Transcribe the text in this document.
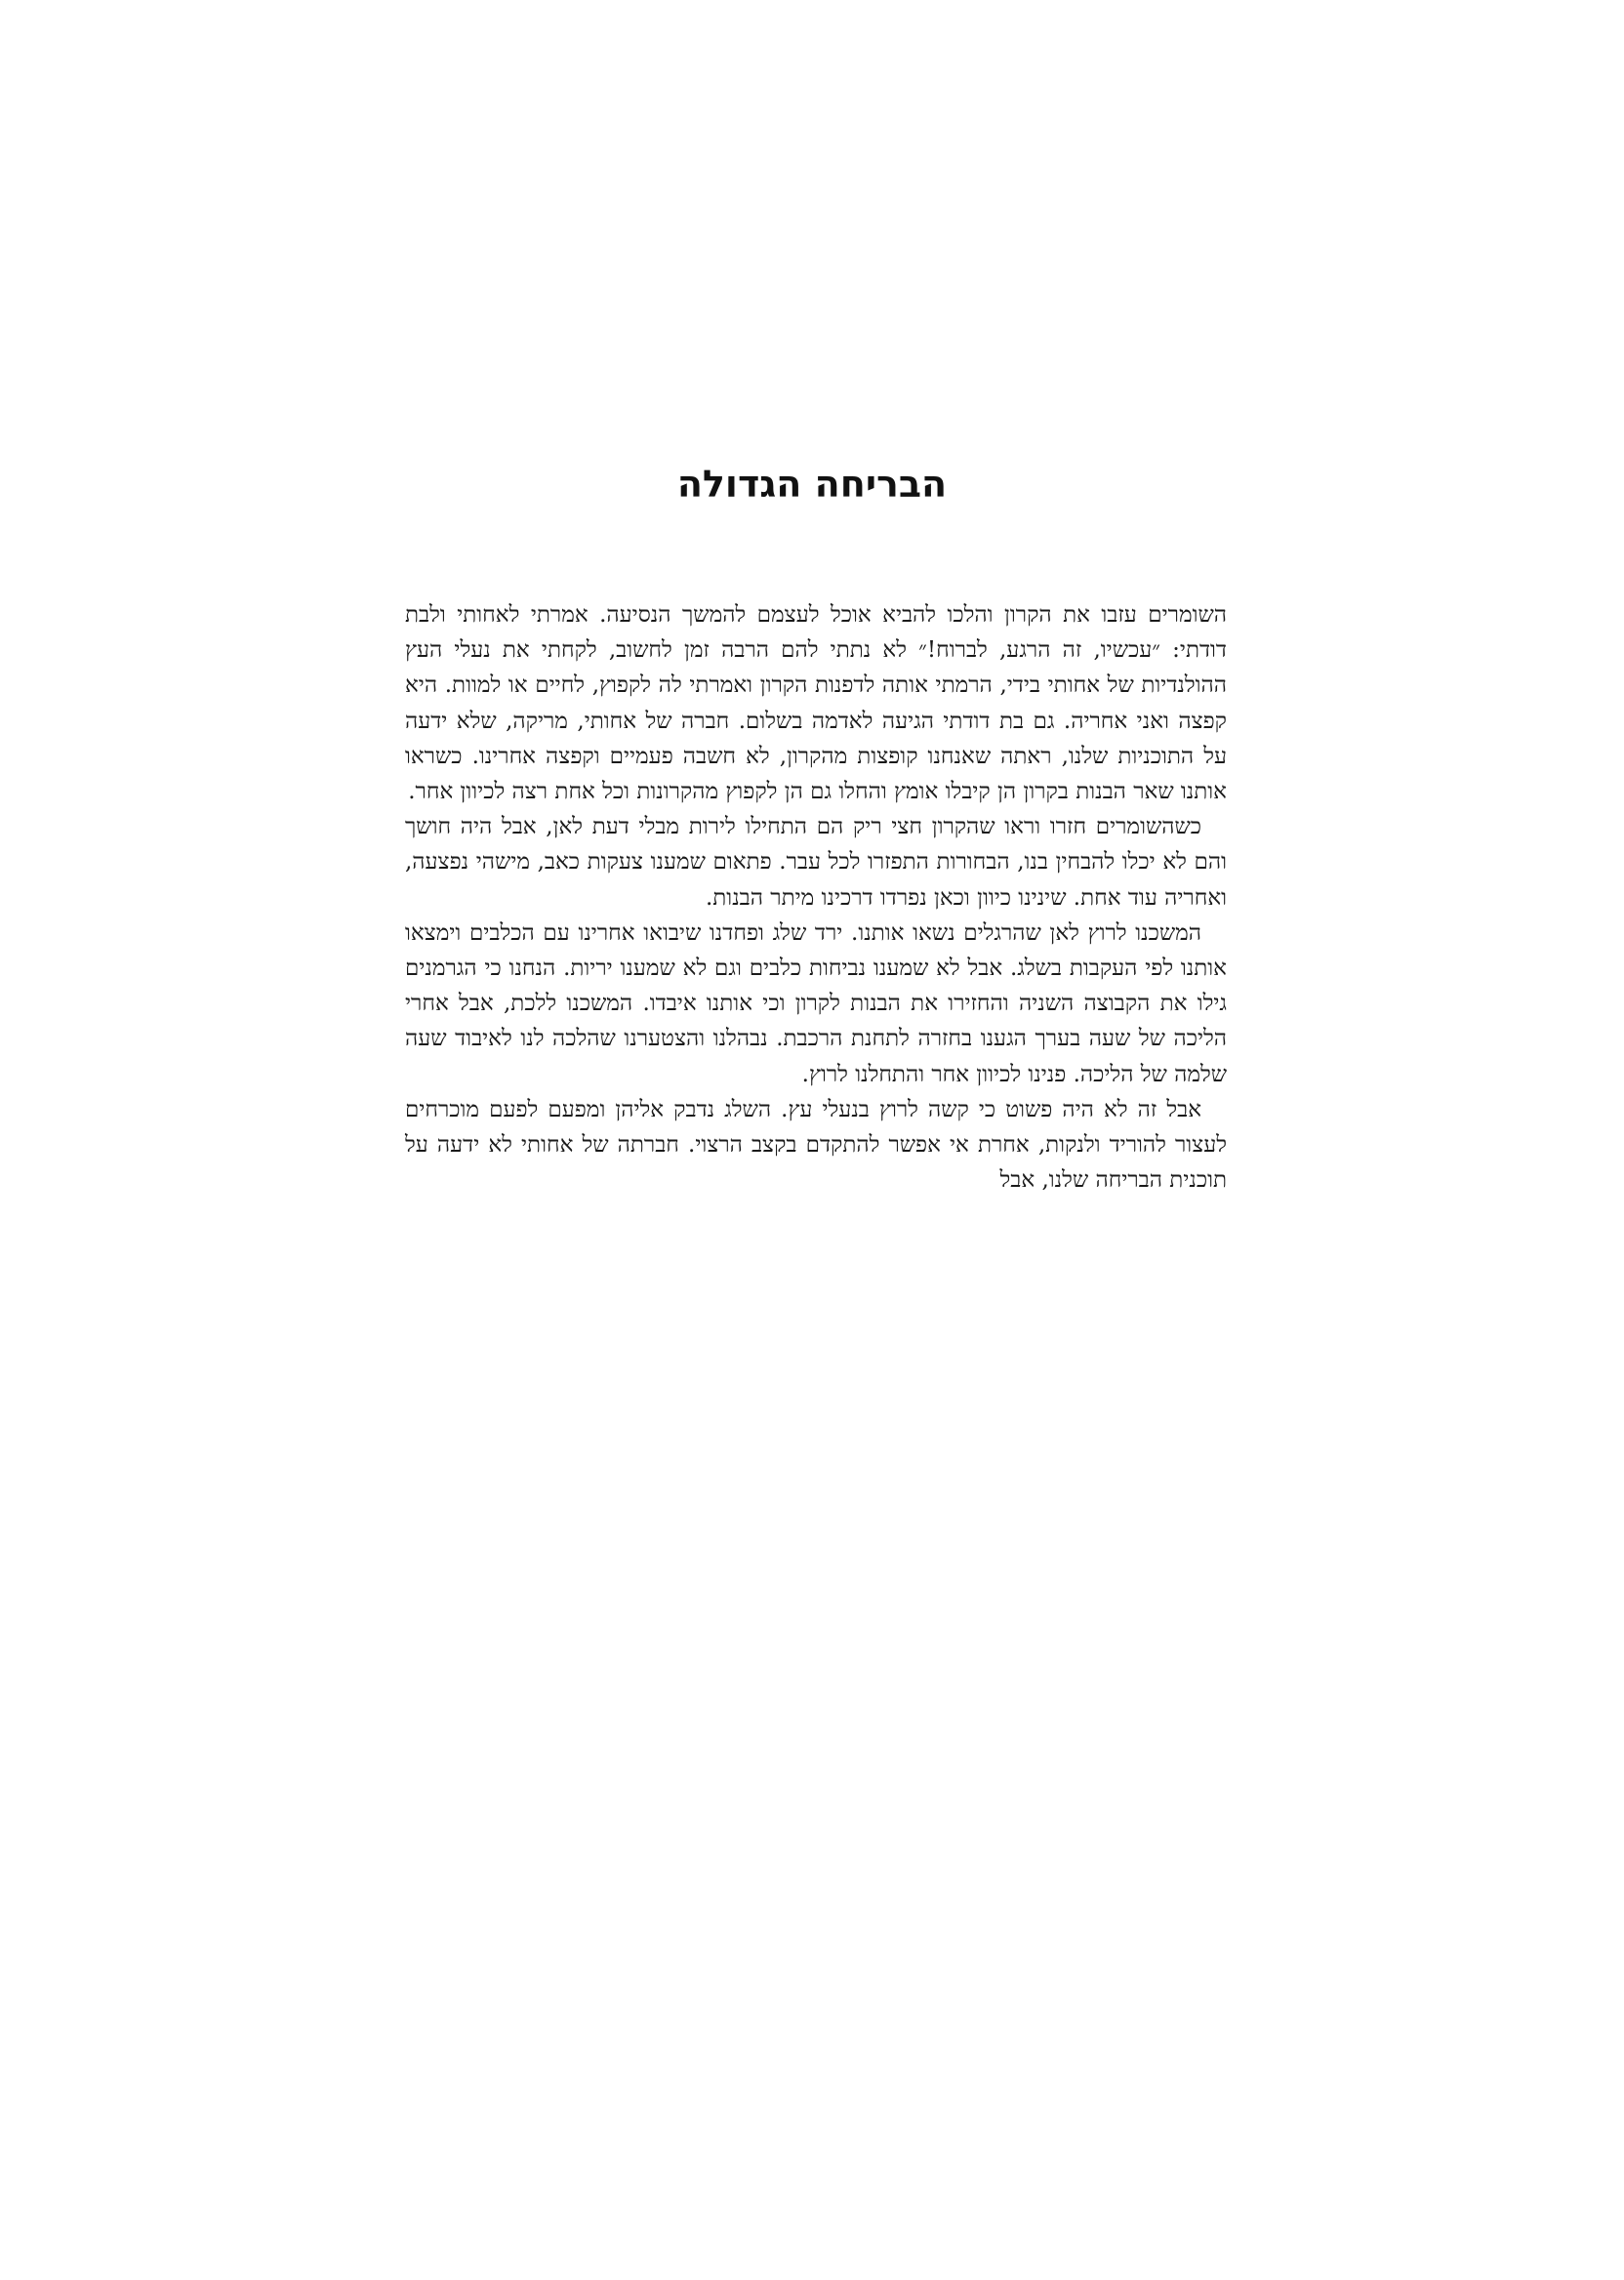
הבריחה הגדולה

השומרים עזבו את הקרון והלכו להביא אוכל לעצמם להמשך הנסיעה. אמרתי לאחותי ולבת דודתי: ״עכשיו, זה הרגע, לברוח!״ לא נתתי להם הרבה זמן לחשוב, לקחתי את נעלי העץ ההולנדיות של אחותי בידי, הרמתי אותה לדפנות הקרון ואמרתי לה לקפוץ, לחיים או למוות. היא קפצה ואני אחריה. גם בת דודתי הגיעה לאדמה בשלום. חברה של אחותי, מריקה, שלא ידעה על התוכניות שלנו, ראתה שאנחנו קופצות מהקרון, לא חשבה פעמיים וקפצה אחרינו. כשראו אותנו שאר הבנות בקרון הן קיבלו אומץ והחלו גם הן לקפוץ מהקרונות וכל אחת רצה לכיוון אחר.

כשהשומרים חזרו וראו שהקרון חצי ריק הם התחילו לירות מבלי דעת לאן, אבל היה חושך והם לא יכלו להבחין בנו, הבחורות התפזרו לכל עבר. פתאום שמענו צעקות כאב, מישהי נפצעה, ואחריה עוד אחת. שינינו כיוון וכאן נפרדו דרכינו מיתר הבנות.

המשכנו לרוץ לאן שהרגלים נשאו אותנו. ירד שלג ופחדנו שיבואו אחרינו עם הכלבים וימצאו אותנו לפי העקבות בשלג. אבל לא שמענו נביחות כלבים וגם לא שמענו יריות. הנחנו כי הגרמנים גילו את הקבוצה השניה והחזירו את הבנות לקרון וכי אותנו איבדו. המשכנו ללכת, אבל אחרי הליכה של שעה בערך הגענו בחזרה לתחנת הרכבת. נבהלנו והצטערנו שהלכה לנו לאיבוד שעה שלמה של הליכה. פנינו לכיוון אחר והתחלנו לרוץ.

אבל זה לא היה פשוט כי קשה לרוץ בנעלי עץ. השלג נדבק אליהן ומפעם לפעם מוכרחים לעצור להוריד ולנקות, אחרת אי אפשר להתקדם בקצב הרצוי. חברתה של אחותי לא ידעה על תוכנית הבריחה שלנו, אבל
